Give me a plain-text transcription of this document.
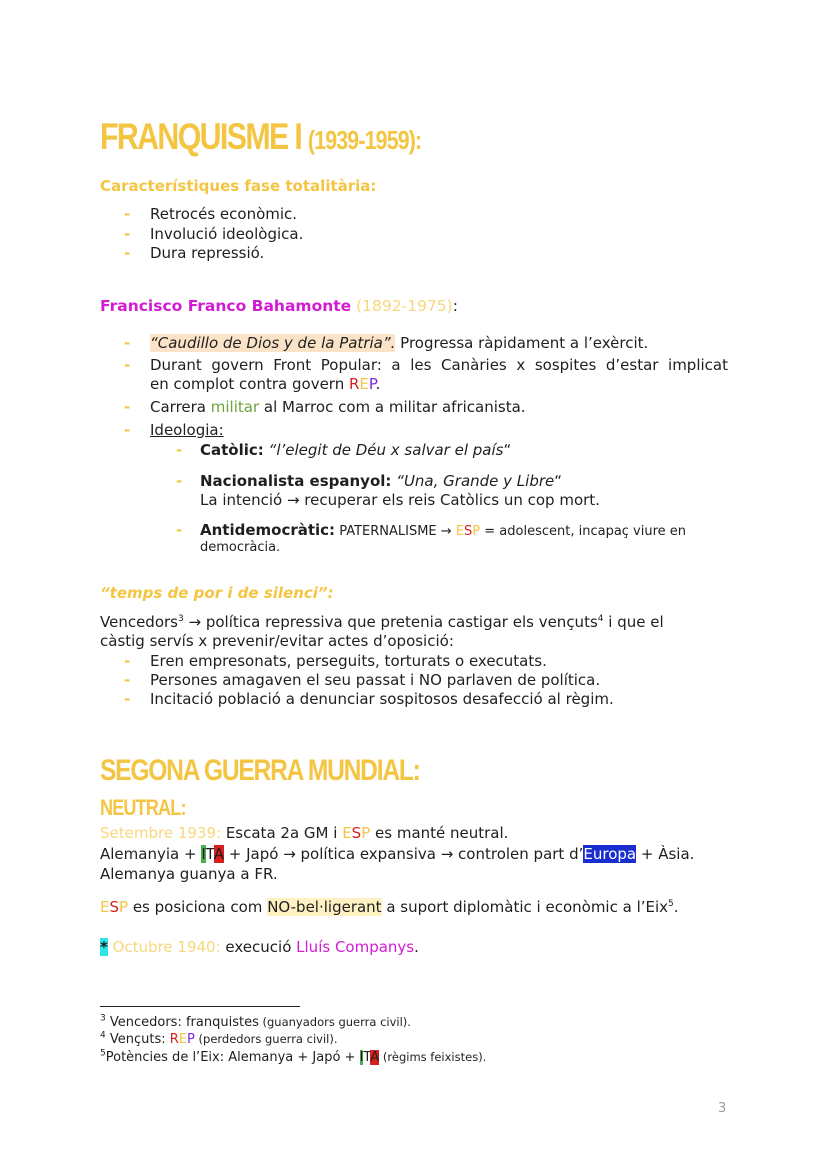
FRANQUISME I (1939-1959):
Característiques fase totalitària:
- Retrocés econòmic.
- Involució ideològica.
- Dura repressió.
Francisco Franco Bahamonte (1892-1975):
- “Caudillo de Dios y de la Patria”. Progressa ràpidament a l’exèrcit.
- Durant govern Front Popular: a les Canàries x sospites d’estar implicat
en complot contra govern REP.
- Carrera militar al Marroc com a militar africanista.
- Ideologia:
- Catòlic: “l’elegit de Déu x salvar el país“
- Nacionalista espanyol: “Una, Grande y Libre“
La intenció → recuperar els reis Catòlics un cop mort.
- Antidemocràtic: PATERNALISME → ESP = adolescent, incapaç viure en
democràcia.
“temps de por i de silenci”:
Vencedors$^3$ → política repressiva que pretenia castigar els vençuts$^4$ i que el
càstig servís x prevenir/evitar actes d’oposició:
- Eren empresonats, perseguits, torturats o executats.
- Persones amagaven el seu passat i NO parlaven de política.
- Incitació població a denunciar sospitosos desafecció al règim.
SEGONA GUERRA MUNDIAL:
NEUTRAL:
Setembre 1939: Escata 2a GM i ESP es manté neutral.
Alemanyia + ITA + Japó → política expansiva → controlen part d’Europa + Àsia.
Alemanya guanya a FR.
ESP es posiciona com NO-bel·ligerant a suport diplomàtic i econòmic a l’Eix$^5$.
* Octubre 1940: execució Lluís Companys.
$^3$ Vencedors: franquistes (guanyadors guerra civil).
$^4$ Vençuts: REP (perdedors guerra civil).
$^5$Potències de l’Eix: Alemanya + Japó + ITA (règims feixistes).
3
